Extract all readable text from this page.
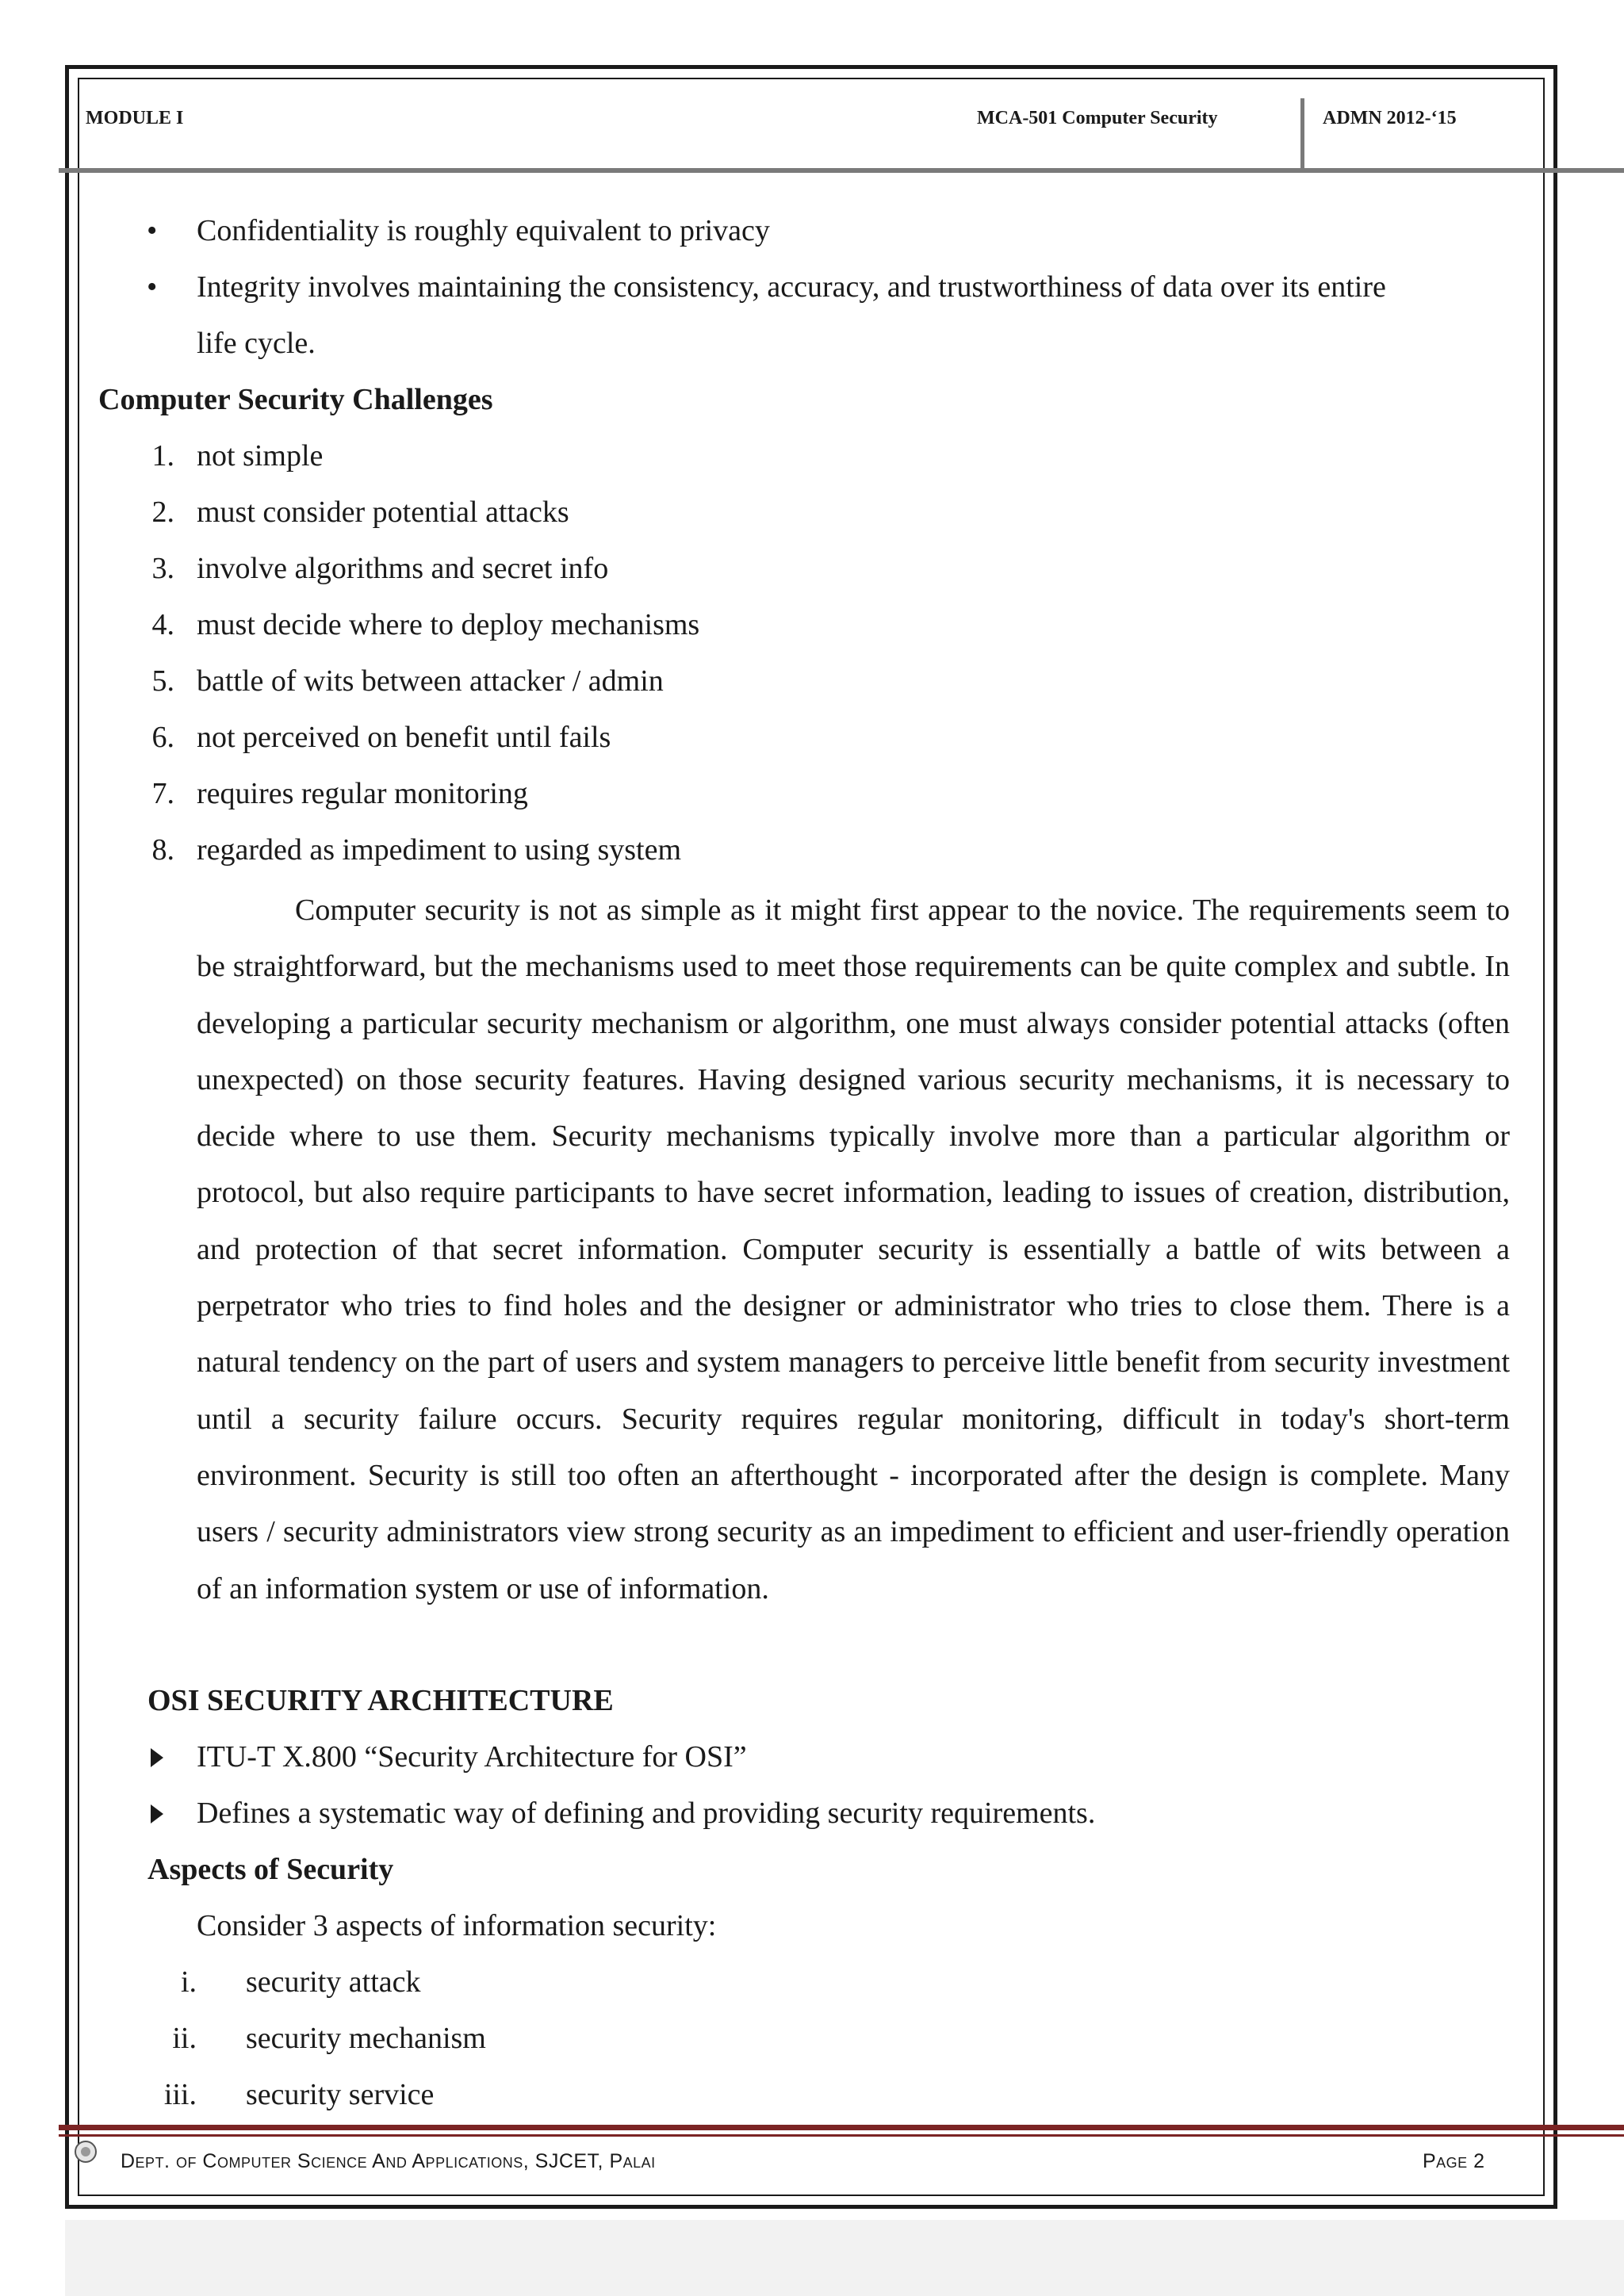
MODULE I	MCA-501 Computer Security	ADMN 2012-‘15
• Confidentiality is roughly equivalent to privacy
• Integrity involves maintaining the consistency, accuracy, and trustworthiness of data over its entire
life cycle.
Computer Security Challenges
1. not simple
2. must consider potential attacks
3. involve algorithms and secret info
4. must decide where to deploy mechanisms
5. battle of wits between attacker / admin
6. not perceived on benefit until fails
7. requires regular monitoring
8. regarded as impediment to using system
Computer security is not as simple as it might first appear to the novice. The requirements seem to be straightforward, but the mechanisms used to meet those requirements can be quite complex and subtle. In developing a particular security mechanism or algorithm, one must always consider potential attacks (often unexpected) on those security features. Having designed various security mechanisms, it is necessary to decide where to use them. Security mechanisms typically involve more than a particular algorithm or protocol, but also require participants to have secret information, leading to issues of creation, distribution, and protection of that secret information. Computer security is essentially a battle of wits between a perpetrator who tries to find holes and the designer or administrator who tries to close them. There is a natural tendency on the part of users and system managers to perceive little benefit from security investment until a security failure occurs. Security requires regular monitoring, difficult in today's short-term environment. Security is still too often an afterthought - incorporated after the design is complete. Many users / security administrators view strong security as an impediment to efficient and user-friendly operation of an information system or use of information.
OSI SECURITY ARCHITECTURE
ITU-T X.800 “Security Architecture for OSI”
Defines a systematic way of defining and providing security requirements.
Aspects of Security
Consider 3 aspects of information security:
i. security attack
ii. security mechanism
iii. security service
Dept. of Computer Science And Applications, SJCET, Palai	Page 2
